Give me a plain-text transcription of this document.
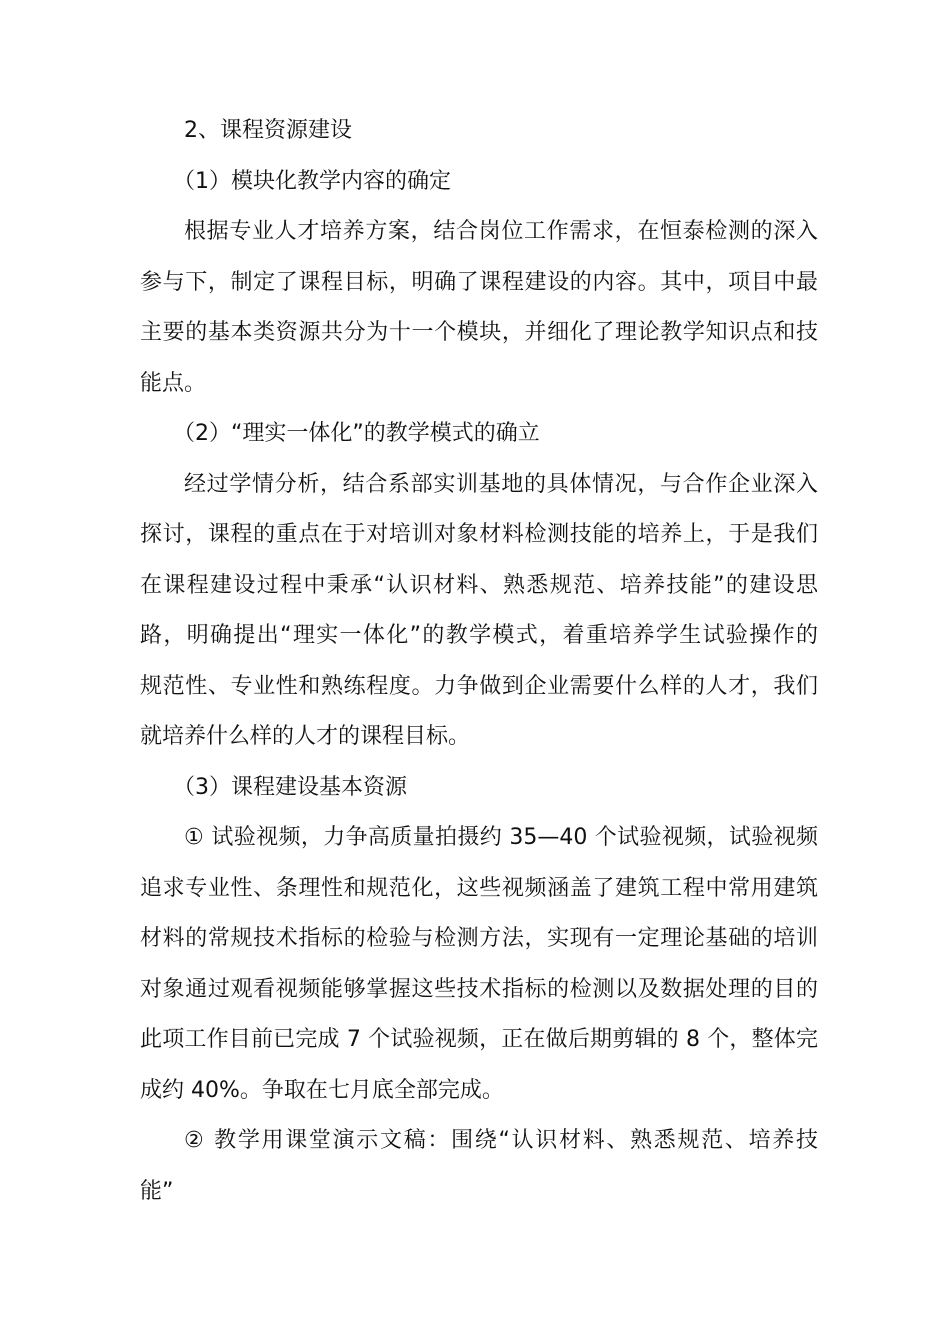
2、课程资源建设
（1）模块化教学内容的确定
根据专业人才培养方案，结合岗位工作需求，在恒泰检测的深入
参与下，制定了课程目标，明确了课程建设的内容。其中，项目中最
主要的基本类资源共分为十一个模块，并细化了理论教学知识点和技
能点。
（2）“理实一体化”的教学模式的确立
经过学情分析，结合系部实训基地的具体情况，与合作企业深入
探讨，课程的重点在于对培训对象材料检测技能的培养上，于是我们
在课程建设过程中秉承“认识材料、熟悉规范、培养技能”的建设思
路，明确提出“理实一体化”的教学模式，着重培养学生试验操作的
规范性、专业性和熟练程度。力争做到企业需要什么样的人才，我们
就培养什么样的人才的课程目标。
（3）课程建设基本资源
① 试验视频，力争高质量拍摄约 35—40 个试验视频，试验视频
追求专业性、条理性和规范化，这些视频涵盖了建筑工程中常用建筑
材料的常规技术指标的检验与检测方法，实现有一定理论基础的培训
对象通过观看视频能够掌握这些技术指标的检测以及数据处理的目的
此项工作目前已完成 7 个试验视频，正在做后期剪辑的 8 个，整体完
成约 40%。争取在七月底全部完成。
② 教学用课堂演示文稿：围绕“认识材料、熟悉规范、培养技
能”
